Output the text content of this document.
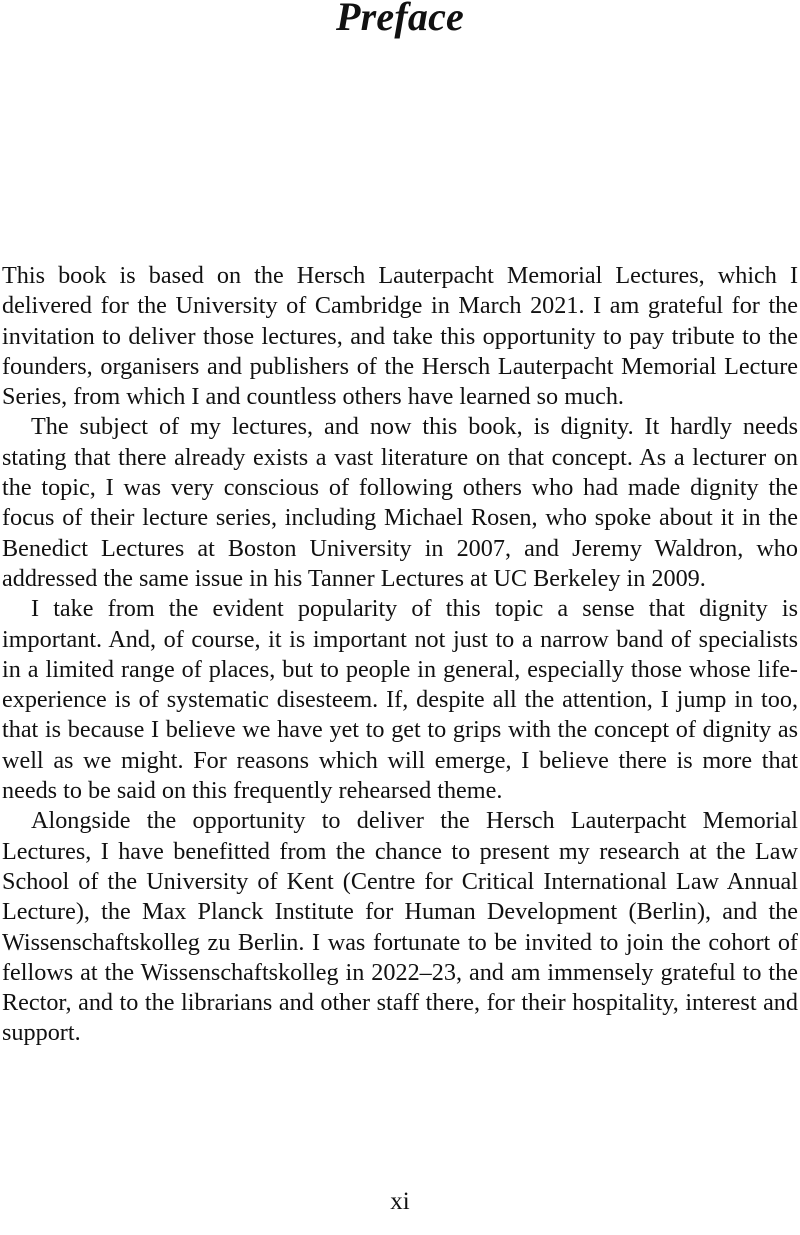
Preface

This book is based on the Hersch Lauterpacht Memorial Lectures, which I delivered for the University of Cambridge in March 2021. I am grateful for the invitation to deliver those lectures, and take this opportunity to pay tribute to the founders, organisers and publishers of the Hersch Lauterpacht Memorial Lecture Series, from which I and countless others have learned so much.

The subject of my lectures, and now this book, is dignity. It hardly needs stating that there already exists a vast literature on that concept. As a lecturer on the topic, I was very conscious of following others who had made dignity the focus of their lecture series, including Michael Rosen, who spoke about it in the Benedict Lectures at Boston University in 2007, and Jeremy Waldron, who addressed the same issue in his Tanner Lectures at UC Berkeley in 2009.

I take from the evident popularity of this topic a sense that dignity is important. And, of course, it is important not just to a narrow band of specialists in a limited range of places, but to people in general, especially those whose life-experience is of systematic disesteem. If, despite all the attention, I jump in too, that is because I believe we have yet to get to grips with the concept of dignity as well as we might. For reasons which will emerge, I believe there is more that needs to be said on this frequently rehearsed theme.

Alongside the opportunity to deliver the Hersch Lauterpacht Memorial Lectures, I have benefitted from the chance to present my research at the Law School of the University of Kent (Centre for Critical International Law Annual Lecture), the Max Planck Institute for Human Development (Berlin), and the Wissenschaftskolleg zu Berlin. I was fortunate to be invited to join the cohort of fellows at the Wissenschaftskolleg in 2022–23, and am immensely grateful to the Rector, and to the librarians and other staff there, for their hospitality, interest and support.

xi
